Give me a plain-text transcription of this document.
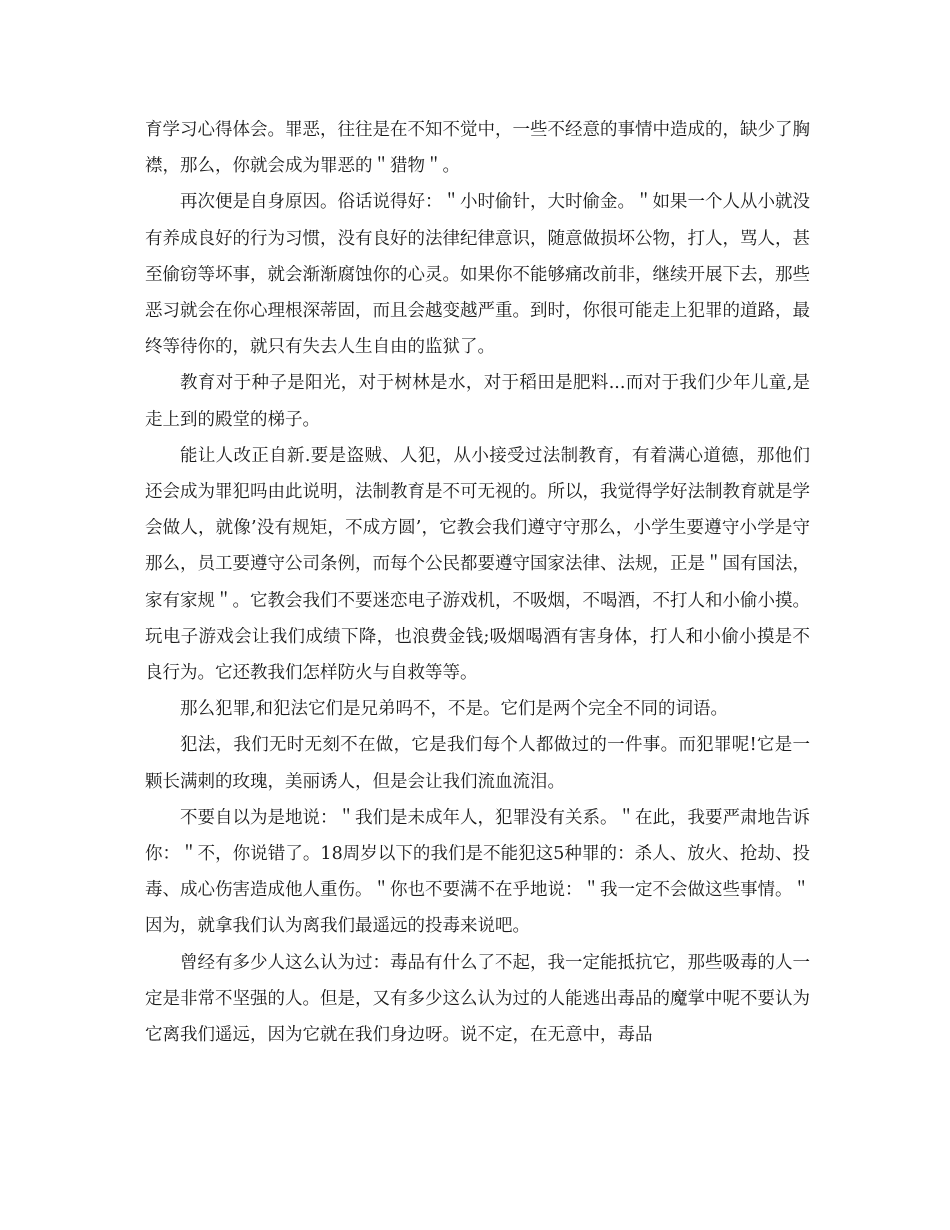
育学习心得体会。罪恶，往往是在不知不觉中，一些不经意的事情中造成的，缺少了胸襟，那么，你就会成为罪恶的＂猎物＂。

再次便是自身原因。俗话说得好：＂小时偷针，大时偷金。＂如果一个人从小就没有养成良好的行为习惯，没有良好的法律纪律意识，随意做损坏公物，打人，骂人，甚至偷窃等坏事，就会渐渐腐蚀你的心灵。如果你不能够痛改前非，继续开展下去，那些恶习就会在你心理根深蒂固，而且会越变越严重。到时，你很可能走上犯罪的道路，最终等待你的，就只有失去人生自由的监狱了。

教育对于种子是阳光，对于树林是水，对于稻田是肥料...而对于我们少年儿童,是走上到的殿堂的梯子。

能让人改正自新.要是盗贼、人犯，从小接受过法制教育，有着满心道德，那他们还会成为罪犯吗由此说明，法制教育是不可无视的。所以，我觉得学好法制教育就是学会做人，就像’没有规矩，不成方圆’，它教会我们遵守守那么，小学生要遵守小学是守那么，员工要遵守公司条例，而每个公民都要遵守国家法律、法规，正是＂国有国法，家有家规＂。它教会我们不要迷恋电子游戏机，不吸烟，不喝酒，不打人和小偷小摸。玩电子游戏会让我们成绩下降，也浪费金钱;吸烟喝酒有害身体，打人和小偷小摸是不良行为。它还教我们怎样防火与自救等等。

那么犯罪,和犯法它们是兄弟吗不，不是。它们是两个完全不同的词语。

犯法，我们无时无刻不在做，它是我们每个人都做过的一件事。而犯罪呢!它是一颗长满刺的玫瑰，美丽诱人，但是会让我们流血流泪。

不要自以为是地说：＂我们是未成年人，犯罪没有关系。＂在此，我要严肃地告诉你：＂不，你说错了。18周岁以下的我们是不能犯这5种罪的：杀人、放火、抢劫、投毒、成心伤害造成他人重伤。＂你也不要满不在乎地说：＂我一定不会做这些事情。＂因为，就拿我们认为离我们最遥远的投毒来说吧。

曾经有多少人这么认为过：毒品有什么了不起，我一定能抵抗它，那些吸毒的人一定是非常不坚强的人。但是，又有多少这么认为过的人能逃出毒品的魔掌中呢不要认为它离我们遥远，因为它就在我们身边呀。说不定，在无意中，毒品
